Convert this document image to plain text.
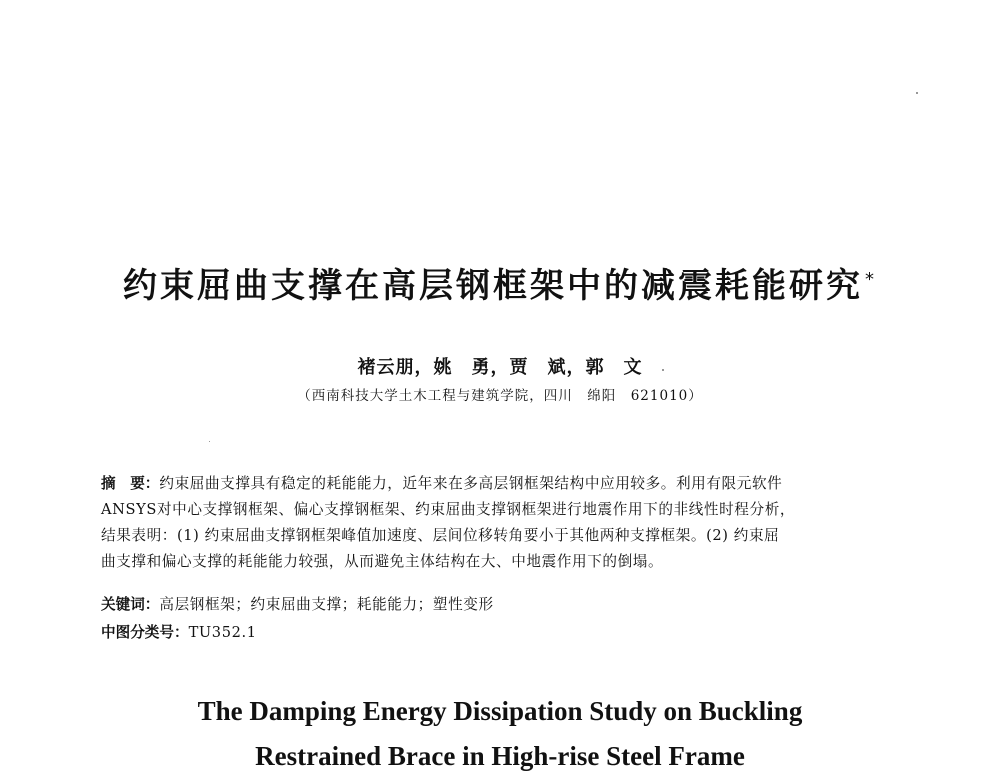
约束屈曲支撑在高层钢框架中的减震耗能研究 *
褚云朋，姚　勇，贾　斌，郭　文
（西南科技大学土木工程与建筑学院，四川　绵阳　621010）
摘　要：约束屈曲支撑具有稳定的耗能能力，近年来在多高层钢框架结构中应用较多。利用有限元软件
ANSYS对中心支撑钢框架、偏心支撑钢框架、约束屈曲支撑钢框架进行地震作用下的非线性时程分析，
结果表明：(1) 约束屈曲支撑钢框架峰值加速度、层间位移转角要小于其他两种支撑框架。(2) 约束屈
曲支撑和偏心支撑的耗能能力较强，从而避免主体结构在大、中地震作用下的倒塌。
关键词：高层钢框架；约束屈曲支撑；耗能能力；塑性变形
中图分类号：TU352.1
The Damping Energy Dissipation Study on Buckling
Restrained Brace in High-rise Steel Frame
